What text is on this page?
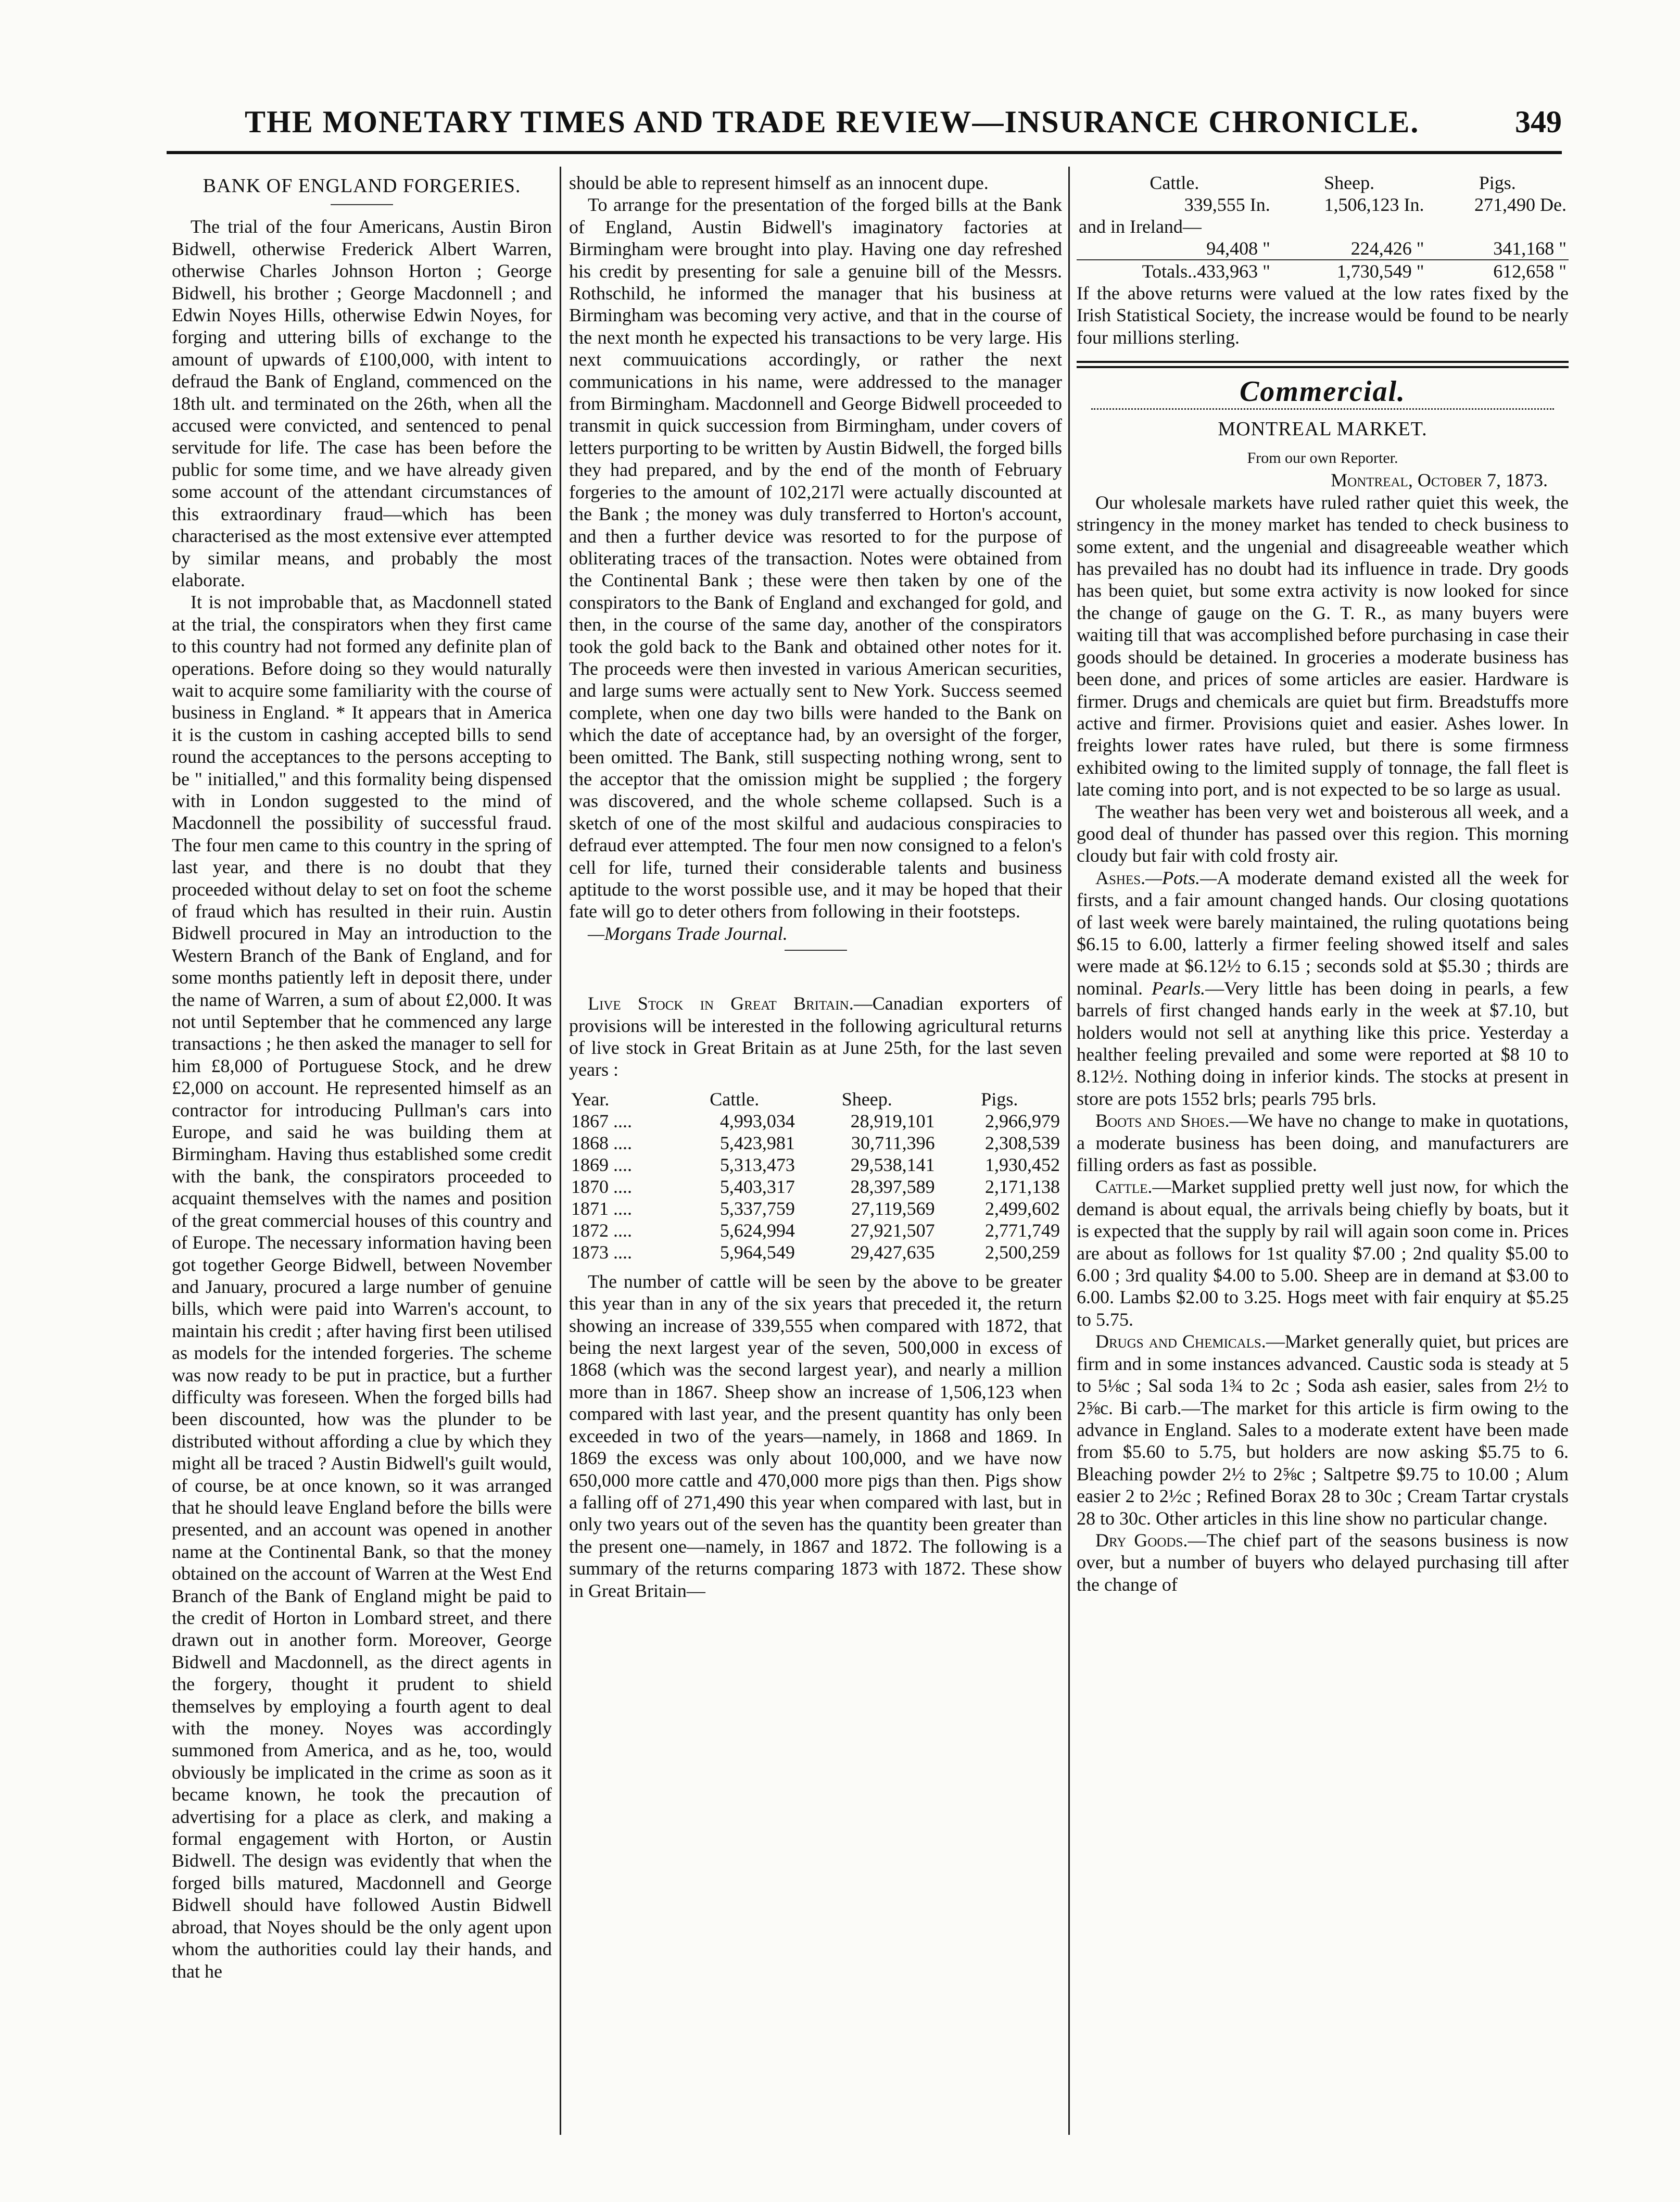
THE MONETARY TIMES AND TRADE REVIEW—INSURANCE CHRONICLE.	349

BANK OF ENGLAND FORGERIES.

The trial of the four Americans, Austin Biron Bidwell, otherwise Frederick Albert Warren, otherwise Charles Johnson Horton ; George Bidwell, his brother ; George Macdonnell ; and Edwin Noyes Hills, otherwise Edwin Noyes, for forging and uttering bills of exchange to the amount of upwards of £100,000, with intent to defraud the Bank of England, commenced on the 18th ult. and terminated on the 26th, when all the accused were convicted, and sentenced to penal servitude for life. The case has been before the public for some time, and we have already given some account of the attendant circumstances of this extraordinary fraud—which has been characterised as the most extensive ever attempted by similar means, and probably the most elaborate.

It is not improbable that, as Macdonnell stated at the trial, the conspirators when they first came to this country had not formed any definite plan of operations. Before doing so they would naturally wait to acquire some familiarity with the course of business in England. * It appears that in America it is the custom in cashing accepted bills to send round the acceptances to the persons accepting to be " initialled," and this formality being dispensed with in London suggested to the mind of Macdonnell the possibility of successful fraud. The four men came to this country in the spring of last year, and there is no doubt that they proceeded without delay to set on foot the scheme of fraud which has resulted in their ruin. Austin Bidwell procured in May an introduction to the Western Branch of the Bank of England, and for some months patiently left in deposit there, under the name of Warren, a sum of about £2,000. It was not until September that he commenced any large transactions ; he then asked the manager to sell for him £8,000 of Portuguese Stock, and he drew £2,000 on account. He represented himself as an contractor for introducing Pullman's cars into Europe, and said he was building them at Birmingham. Having thus established some credit with the bank, the conspirators proceeded to acquaint themselves with the names and position of the great commercial houses of this country and of Europe. The necessary information having been got together George Bidwell, between November and January, procured a large number of genuine bills, which were paid into Warren's account, to maintain his credit ; after having first been utilised as models for the intended forgeries. The scheme was now ready to be put in practice, but a further difficulty was foreseen. When the forged bills had been discounted, how was the plunder to be distributed without affording a clue by which they might all be traced ? Austin Bidwell's guilt would, of course, be at once known, so it was arranged that he should leave England before the bills were presented, and an account was opened in another name at the Continental Bank, so that the money obtained on the account of Warren at the West End Branch of the Bank of England might be paid to the credit of Horton in Lombard street, and there drawn out in another form. Moreover, George Bidwell and Macdonnell, as the direct agents in the forgery, thought it prudent to shield themselves by employing a fourth agent to deal with the money. Noyes was accordingly summoned from America, and as he, too, would obviously be implicated in the crime as soon as it became known, he took the precaution of advertising for a place as clerk, and making a formal engagement with Horton, or Austin Bidwell. The design was evidently that when the forged bills matured, Macdonnell and George Bidwell should have followed Austin Bidwell abroad, that Noyes should be the only agent upon whom the authorities could lay their hands, and that he

should be able to represent himself as an innocent dupe.

To arrange for the presentation of the forged bills at the Bank of England, Austin Bidwell's imaginatory factories at Birmingham were brought into play. Having one day refreshed his credit by presenting for sale a genuine bill of the Messrs. Rothschild, he informed the manager that his business at Birmingham was becoming very active, and that in the course of the next month he expected his transactions to be very large. His next commuuications accordingly, or rather the next communications in his name, were addressed to the manager from Birmingham. Macdonnell and George Bidwell proceeded to transmit in quick succession from Birmingham, under covers of letters purporting to be written by Austin Bidwell, the forged bills they had prepared, and by the end of the month of February forgeries to the amount of 102,217l were actually discounted at the Bank ; the money was duly transferred to Horton's account, and then a further device was resorted to for the purpose of obliterating traces of the transaction. Notes were obtained from the Continental Bank ; these were then taken by one of the conspirators to the Bank of England and exchanged for gold, and then, in the course of the same day, another of the conspirators took the gold back to the Bank and obtained other notes for it. The proceeds were then invested in various American securities, and large sums were actually sent to New York. Success seemed complete, when one day two bills were handed to the Bank on which the date of acceptance had, by an oversight of the forger, been omitted. The Bank, still suspecting nothing wrong, sent to the acceptor that the omission might be supplied ; the forgery was discovered, and the whole scheme collapsed. Such is a sketch of one of the most skilful and audacious conspiracies to defraud ever attempted. The four men now consigned to a felon's cell for life, turned their considerable talents and business aptitude to the worst possible use, and it may be hoped that their fate will go to deter others from following in their footsteps.

—Morgans Trade Journal.

Live Stock in Great Britain.—Canadian exporters of provisions will be interested in the following agricultural returns of live stock in Great Britain as at June 25th, for the last seven years :

Year.	Cattle.	Sheep.	Pigs.
1867 ....	4,993,034	28,919,101	2,966,979
1868 ....	5,423,981	30,711,396	2,308,539
1869 ....	5,313,473	29,538,141	1,930,452
1870 ....	5,403,317	28,397,589	2,171,138
1871 ....	5,337,759	27,119,569	2,499,602
1872 ....	5,624,994	27,921,507	2,771,749
1873 ....	5,964,549	29,427,635	2,500,259

The number of cattle will be seen by the above to be greater this year than in any of the six years that preceded it, the return showing an increase of 339,555 when compared with 1872, that being the next largest year of the seven, 500,000 in excess of 1868 (which was the second largest year), and nearly a million more than in 1867. Sheep show an increase of 1,506,123 when compared with last year, and the present quantity has only been exceeded in two of the years—namely, in 1868 and 1869. In 1869 the excess was only about 100,000, and we have now 650,000 more cattle and 470,000 more pigs than then. Pigs show a falling off of 271,490 this year when compared with last, but in only two years out of the seven has the quantity been greater than the present one—namely, in 1867 and 1872. The following is a summary of the returns comparing 1873 with 1872. These show in Great Britain—

Cattle.	Sheep.	Pigs.
339,555 In.	1,506,123 In.	271,490 De.
and in Ireland—		
94,408 "	224,426 "	341,168 "
Totals..433,963 "	1,730,549 "	612,658 "

If the above returns were valued at the low rates fixed by the Irish Statistical Society, the increase would be found to be nearly four millions sterling.

Commercial.

MONTREAL MARKET.

From our own Reporter.

Montreal, October 7, 1873.

Our wholesale markets have ruled rather quiet this week, the stringency in the money market has tended to check business to some extent, and the ungenial and disagreeable weather which has prevailed has no doubt had its influence in trade. Dry goods has been quiet, but some extra activity is now looked for since the change of gauge on the G. T. R., as many buyers were waiting till that was accomplished before purchasing in case their goods should be detained. In groceries a moderate business has been done, and prices of some articles are easier. Hardware is firmer. Drugs and chemicals are quiet but firm. Breadstuffs more active and firmer. Provisions quiet and easier. Ashes lower. In freights lower rates have ruled, but there is some firmness exhibited owing to the limited supply of tonnage, the fall fleet is late coming into port, and is not expected to be so large as usual.

The weather has been very wet and boisterous all week, and a good deal of thunder has passed over this region. This morning cloudy but fair with cold frosty air.

Ashes.—Pots.—A moderate demand existed all the week for firsts, and a fair amount changed hands. Our closing quotations of last week were barely maintained, the ruling quotations being $6.15 to 6.00, latterly a firmer feeling showed itself and sales were made at $6.12½ to 6.15 ; seconds sold at $5.30 ; thirds are nominal. Pearls.—Very little has been doing in pearls, a few barrels of first changed hands early in the week at $7.10, but holders would not sell at anything like this price. Yesterday a healther feeling prevailed and some were reported at $8 10 to 8.12½. Nothing doing in inferior kinds. The stocks at present in store are pots 1552 brls; pearls 795 brls.

Boots and Shoes.—We have no change to make in quotations, a moderate business has been doing, and manufacturers are filling orders as fast as possible.

Cattle.—Market supplied pretty well just now, for which the demand is about equal, the arrivals being chiefly by boats, but it is expected that the supply by rail will again soon come in. Prices are about as follows for 1st quality $7.00 ; 2nd quality $5.00 to 6.00 ; 3rd quality $4.00 to 5.00. Sheep are in demand at $3.00 to 6.00. Lambs $2.00 to 3.25. Hogs meet with fair enquiry at $5.25 to 5.75.

Drugs and Chemicals.—Market generally quiet, but prices are firm and in some instances advanced. Caustic soda is steady at 5 to 5⅛c ; Sal soda 1¾ to 2c ; Soda ash easier, sales from 2½ to 2⅝c. Bi carb.—The market for this article is firm owing to the advance in England. Sales to a moderate extent have been made from $5.60 to 5.75, but holders are now asking $5.75 to 6. Bleaching powder 2½ to 2⅝c ; Saltpetre $9.75 to 10.00 ; Alum easier 2 to 2½c ; Refined Borax 28 to 30c ; Cream Tartar crystals 28 to 30c. Other articles in this line show no particular change.

Dry Goods.—The chief part of the seasons business is now over, but a number of buyers who delayed purchasing till after the change of
